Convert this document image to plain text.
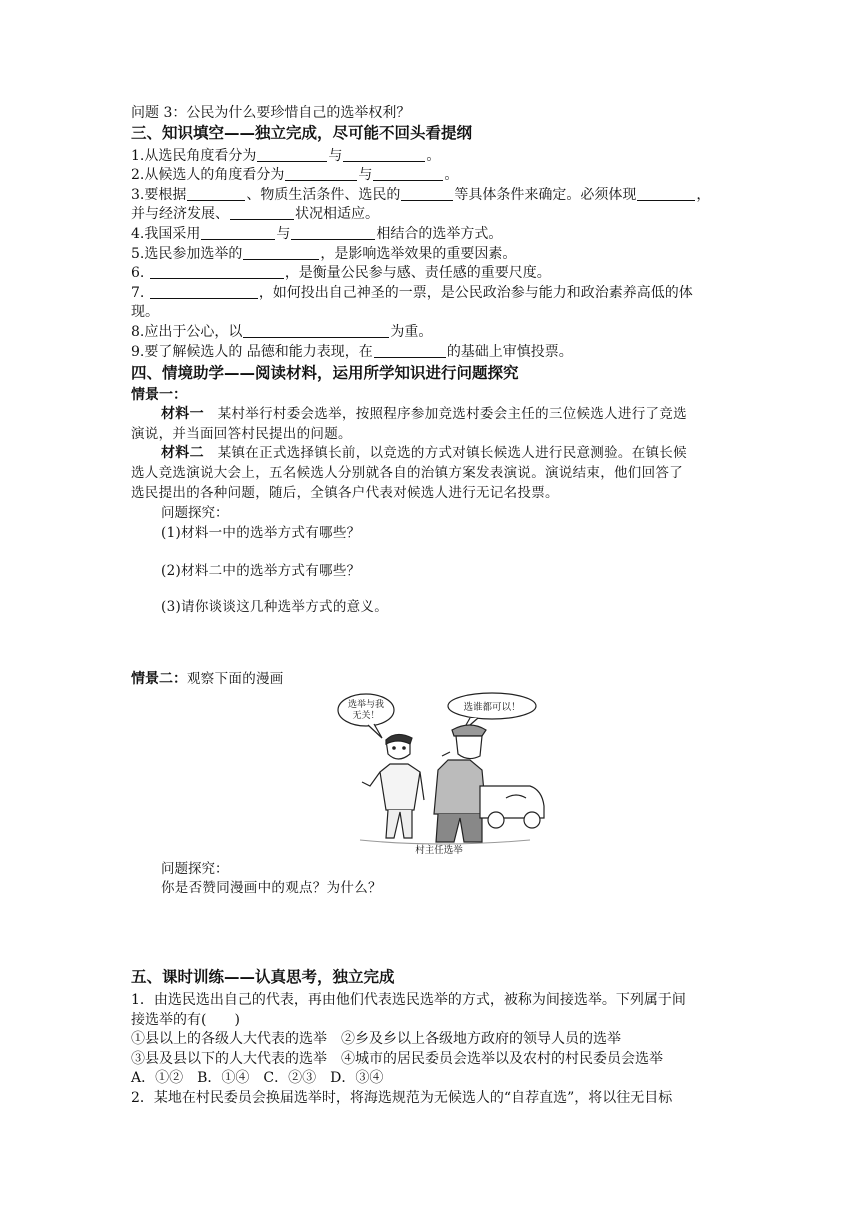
问题 3：公民为什么要珍惜自己的选举权利？
三、知识填空——独立完成，尽可能不回头看提纲
1.从选民角度看分为	与	。
2.从候选人的角度看分为	与	。
3.要根据	、物质生活条件、选民的	等具体条件来确定。必须体现	，
并与经济发展、	状况相适应。
4.我国采用	与	相结合的选举方式。
5.选民参加选举的	，是影响选举效果的重要因素。
6.	，是衡量公民参与感、责任感的重要尺度。
7.	，如何投出自己神圣的一票，是公民政治参与能力和政治素养高低的体
现。
8.应出于公心，以	为重。
9.要了解候选人的 品德和能力表现，在	的基础上审慎投票。
四、情境助学——阅读材料，运用所学知识进行问题探究
情景一：
材料一　某村举行村委会选举，按照程序参加竞选村委会主任的三位候选人进行了竞选
演说，并当面回答村民提出的问题。
材料二　某镇在正式选择镇长前，以竞选的方式对镇长候选人进行民意测验。在镇长候
选人竞选演说大会上，五名候选人分别就各自的治镇方案发表演说。演说结束，他们回答了
选民提出的各种问题，随后，全镇各户代表对候选人进行无记名投票。
问题探究：
(1)材料一中的选举方式有哪些？
(2)材料二中的选举方式有哪些？
(3)请你谈谈这几种选举方式的意义。
情景二：观察下面的漫画
选举与我
无关！
选谁都可以！
村主任选举
问题探究：
你是否赞同漫画中的观点？为什么？
五、课时训练——认真思考，独立完成
1．由选民选出自己的代表，再由他们代表选民选举的方式，被称为间接选举。下列属于间
接选举的有(　　)
①县以上的各级人大代表的选举　②乡及乡以上各级地方政府的领导人员的选举
③县及县以下的人大代表的选举　④城市的居民委员会选举以及农村的村民委员会选举
A．①②　B．①④　C．②③　D．③④
2．某地在村民委员会换届选举时，将海选规范为无候选人的“自荐直选”，将以往无目标
